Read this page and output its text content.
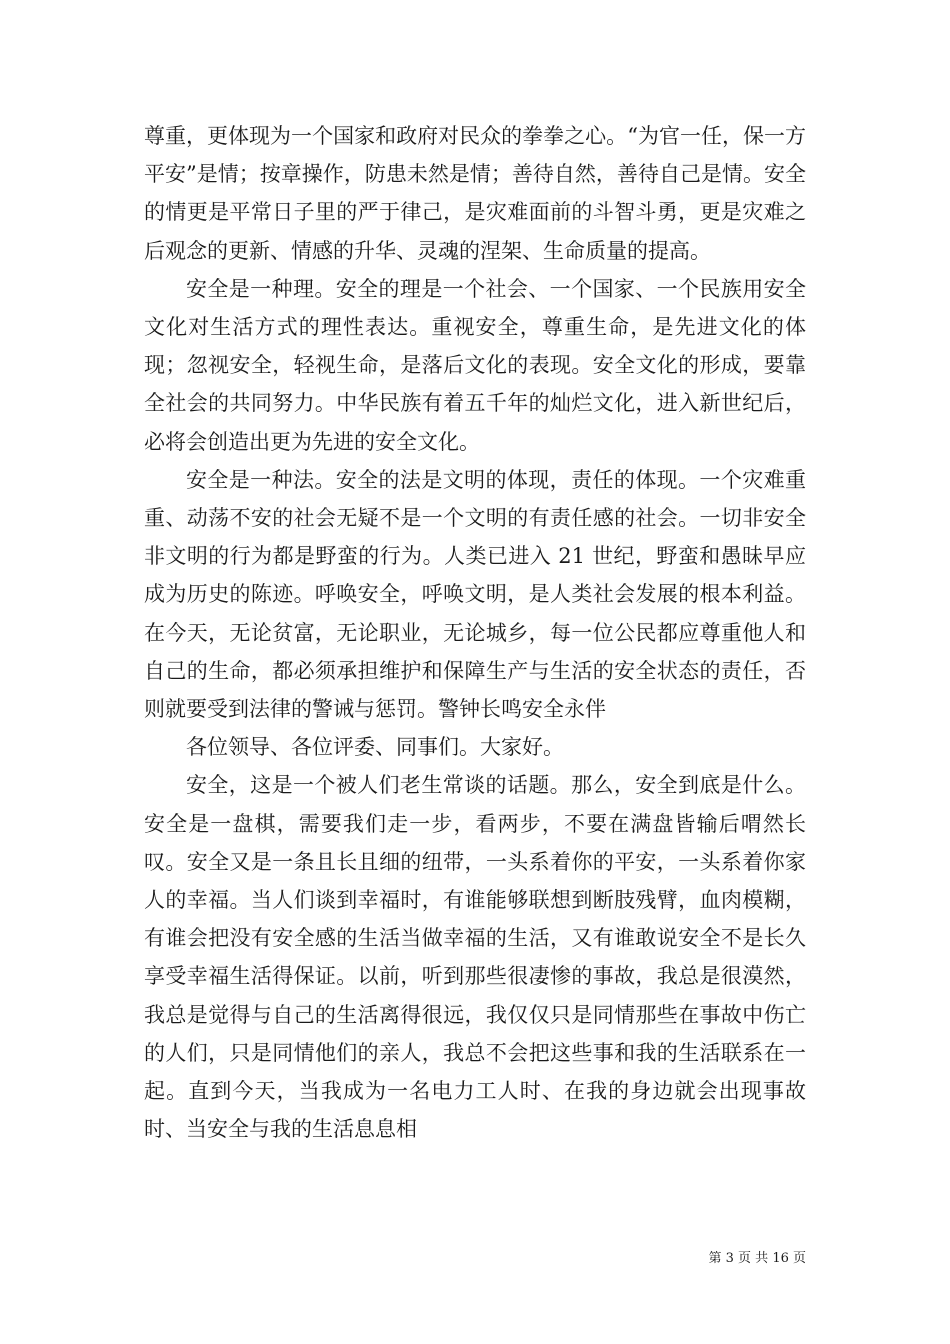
尊重，更体现为一个国家和政府对民众的拳拳之心。“为官一任，保一方平安”是情；按章操作，防患未然是情；善待自然，善待自己是情。安全的情更是平常日子里的严于律己，是灾难面前的斗智斗勇，更是灾难之后观念的更新、情感的升华、灵魂的涅架、生命质量的提高。

安全是一种理。安全的理是一个社会、一个国家、一个民族用安全文化对生活方式的理性表达。重视安全，尊重生命，是先进文化的体现；忽视安全，轻视生命，是落后文化的表现。安全文化的形成，要靠全社会的共同努力。中华民族有着五千年的灿烂文化，进入新世纪后，必将会创造出更为先进的安全文化。

安全是一种法。安全的法是文明的体现，责任的体现。一个灾难重重、动荡不安的社会无疑不是一个文明的有责任感的社会。一切非安全非文明的行为都是野蛮的行为。人类已进入 21 世纪，野蛮和愚昧早应成为历史的陈迹。呼唤安全，呼唤文明，是人类社会发展的根本利益。在今天，无论贫富，无论职业，无论城乡，每一位公民都应尊重他人和自己的生命，都必须承担维护和保障生产与生活的安全状态的责任，否则就要受到法律的警诫与惩罚。警钟长鸣安全永伴

各位领导、各位评委、同事们。大家好。

安全，这是一个被人们老生常谈的话题。那么，安全到底是什么。安全是一盘棋，需要我们走一步，看两步，不要在满盘皆输后喟然长叹。安全又是一条且长且细的纽带，一头系着你的平安，一头系着你家人的幸福。当人们谈到幸福时，有谁能够联想到断肢残臂，血肉模糊，有谁会把没有安全感的生活当做幸福的生活，又有谁敢说安全不是长久享受幸福生活得保证。以前，听到那些很凄惨的事故，我总是很漠然，我总是觉得与自己的生活离得很远，我仅仅只是同情那些在事故中伤亡的人们，只是同情他们的亲人，我总不会把这些事和我的生活联系在一起。直到今天，当我成为一名电力工人时、在我的身边就会出现事故时、当安全与我的生活息息相

第 3 页 共 16 页
